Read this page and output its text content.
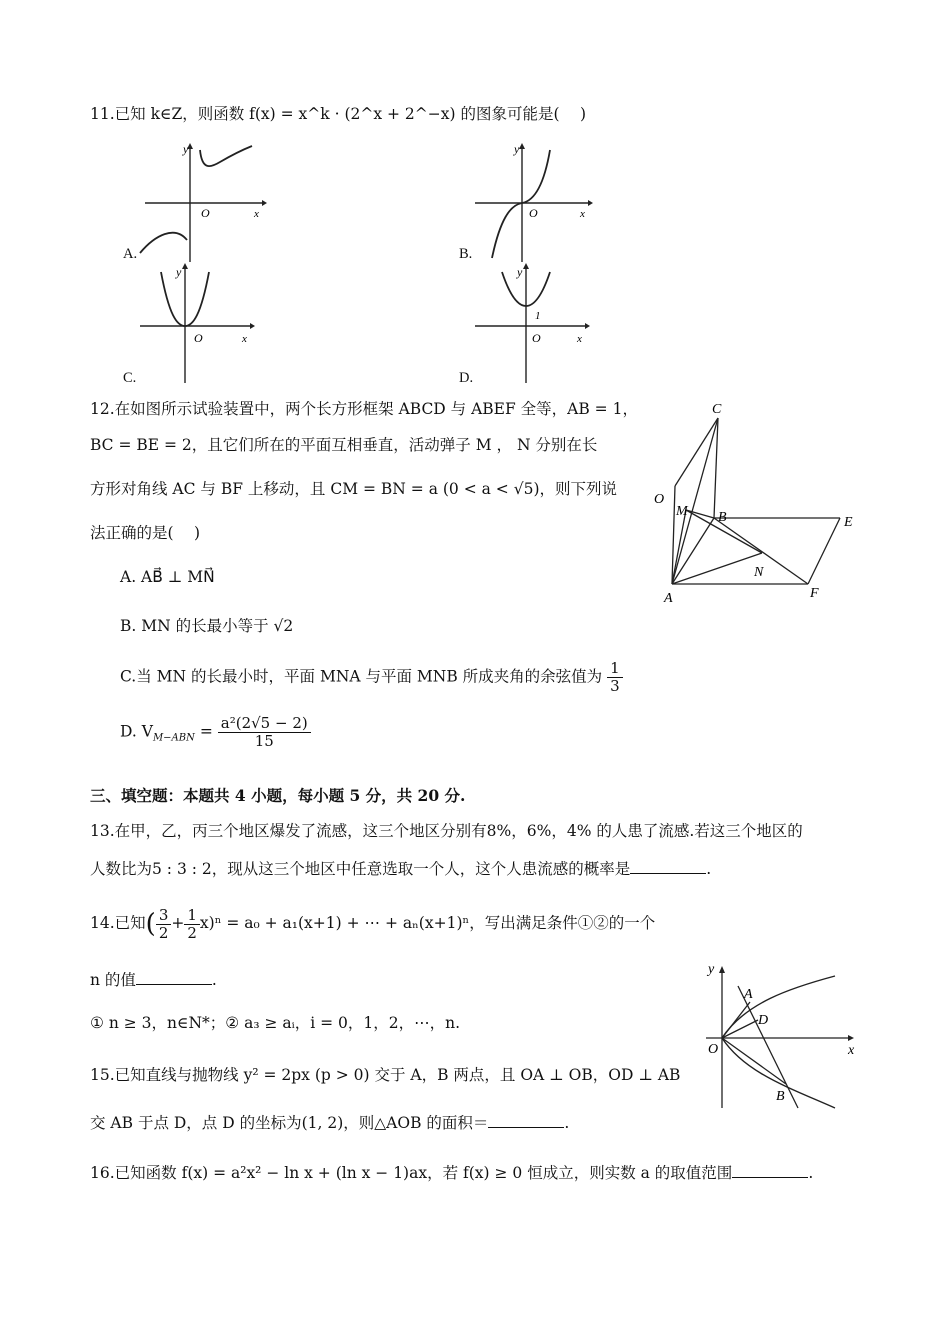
11.已知 k∈Z，则函数 f(x) = x^k · (2^x + 2^−x) 的图象可能是(　 )
y
O	x
A.
y
O	x
B.
y
O	x
C.
y
1
O	x
D.
12.在如图所示试验装置中，两个长方形框架 ABCD 与 ABEF 全等，AB = 1，
BC = BE = 2，且它们所在的平面互相垂直，活动弹子 M ， N 分别在长
方形对角线 AC 与 BF 上移动，且 CM = BN = a (0 < a < √5)，则下列说
法正确的是(　 )
A. AB⃗ ⊥ MN⃗
B. MN 的长最小等于 √2
C.当 MN 的长最小时，平面 MNA 与平面 MNB 所成夹角的余弦值为 $\frac{1}{3}$
D. $V_{M-ABN} = \frac{\text{a²(2√5 − 2)}}{15}$
C
O
M B	E
N
A	F
三、填空题：本题共 4 小题，每小题 5 分，共 20 分.
13.在甲，乙，丙三个地区爆发了流感，这三个地区分别有8%，6%，4% 的人患了流感.若这三个地区的
人数比为5 : 3 : 2，现从这三个地区中任意选取一个人，这个人患流感的概率是	.
14.已知( $\frac{3}{2} + \frac{1}{2} x)^n = a_0 + a_1(x+1)$ + ⋯ + aₙ(x+1)ⁿ，写出满足条件①②的一个
n 的值	.
① n ≥ 3，n∈N*；② a₃ ≥ aᵢ，i = 0，1，2，⋯，n.
15.已知直线与抛物线 y² = 2px (p > 0) 交于 A，B 两点，且 OA ⊥ OB，OD ⊥ AB
交 AB 于点 D，点 D 的坐标为(1, 2)，则△AOB 的面积＝	.
y
x
O
A
D
B
16.已知函数 f(x) = a²x² − ln x + (ln x − 1)ax，若 f(x) ≥ 0 恒成立，则实数 a 的取值范围	.
